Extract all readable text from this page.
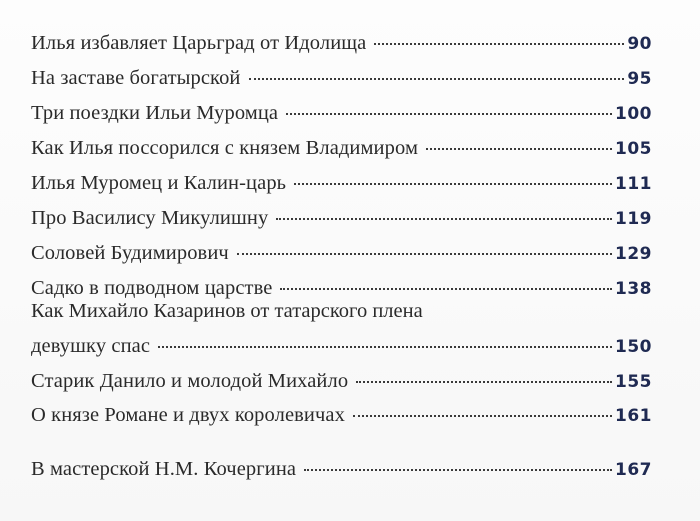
Илья избавляет Царьград от Идолища	90
На заставе богатырской	95
Три поездки Ильи Муромца	100
Как Илья поссорился с князем Владимиром	105
Илья Муромец и Калин-царь	111
Про Василису Микулишну	119
Соловей Будимирович	129
Садко в подводном царстве	138
Как Михайло Казаринов от татарского плена
девушку спас	150
Старик Данило и молодой Михайло	155
О князе Романе и двух королевичах	161
В мастерской Н.М. Кочергина	167
